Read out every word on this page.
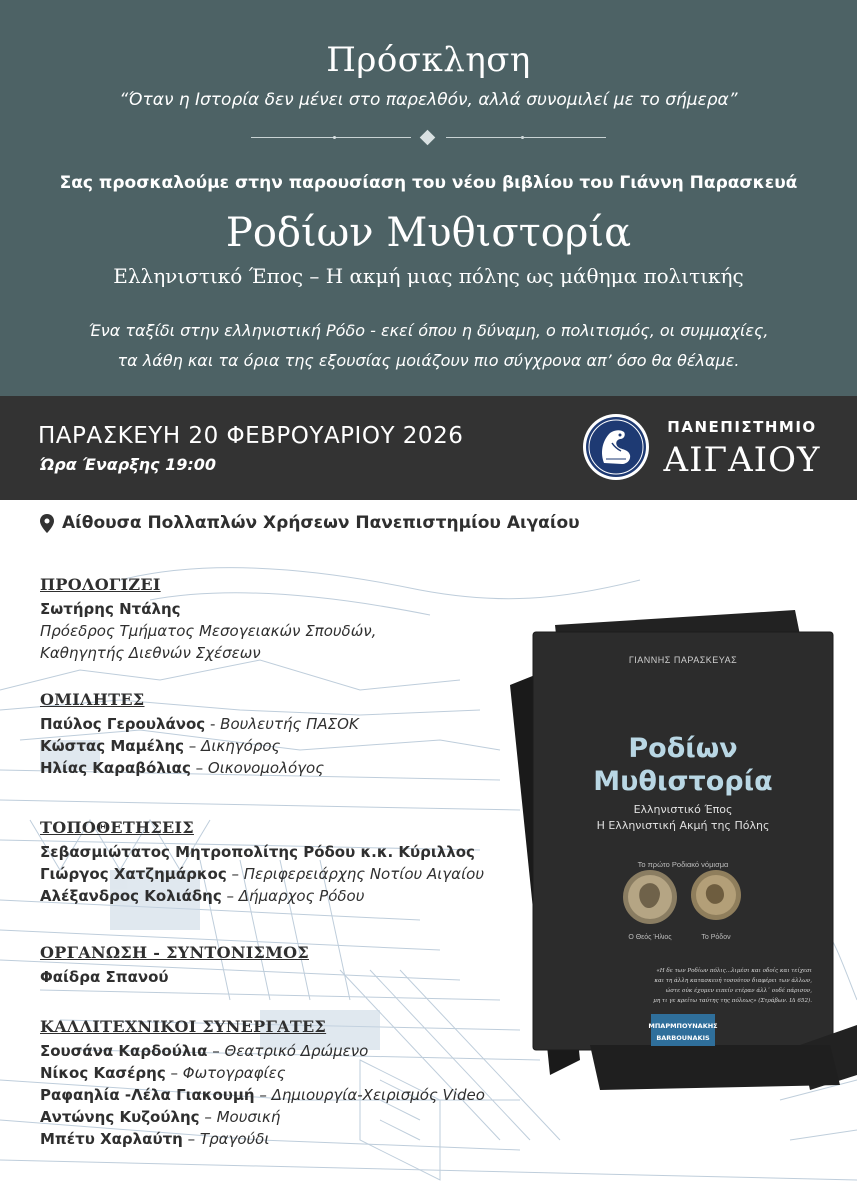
Πρόσκληση
“Όταν η Ιστορία δεν μένει στο παρελθόν, αλλά συνομιλεί με το σήμερα”
Σας προσκαλούμε στην παρουσίαση του νέου βιβλίου του Γιάννη Παρασκευά
Ροδίων Μυθιστορία
Ελληνιστικό Έπος – Η ακμή μιας πόλης ως μάθημα πολιτικής
Ένα ταξίδι στην ελληνιστική Ρόδο - εκεί όπου η δύναμη, ο πολιτισμός, οι συμμαχίες,
τα λάθη και τα όρια της εξουσίας μοιάζουν πιο σύγχρονα απ’ όσο θα θέλαμε.
ΠΑΡΑΣΚΕΥΗ 20 ΦΕΒΡΟΥΑΡΙΟΥ 2026
Ώρα Έναρξης 19:00
ΠΑΝΕΠΙΣΤΗΜΙΟ
ΑΙΓΑΙΟΥ
Αίθουσα Πολλαπλών Χρήσεων Πανεπιστημίου Αιγαίου
ΠΡΟΛΟΓΙΖΕΙ
Σωτήρης Ντάλης
Πρόεδρος Τμήματος Μεσογειακών Σπουδών,
Καθηγητής Διεθνών Σχέσεων
ΟΜΙΛΗΤΕΣ
Παύλος Γερουλάνος - Βουλευτής ΠΑΣΟΚ
Κώστας Μαμέλης – Δικηγόρος
Ηλίας Καραβόλιας – Οικονομολόγος
ΤΟΠΟΘΕΤΗΣΕΙΣ
Σεβασμιώτατος Μητροπολίτης Ρόδου κ.κ. Κύριλλος
Γιώργος Χατζημάρκος – Περιφερειάρχης Νοτίου Αιγαίου
Αλέξανδρος Κολιάδης – Δήμαρχος Ρόδου
ΟΡΓΑΝΩΣΗ - ΣΥΝΤΟΝΙΣΜΟΣ
Φαίδρα Σπανού
ΚΑΛΛΙΤΕΧΝΙΚΟΙ ΣΥΝΕΡΓΑΤΕΣ
Σουσάνα Καρδούλια – Θεατρικό Δρώμενο
Νίκος Κασέρης – Φωτογραφίες
Ραφαηλία -Λέλα Γιακουμή – Δημιουργία-Χειρισμός Video
Αντώνης Κυζούλης – Μουσική
Μπέτυ Χαρλαύτη – Τραγούδι
ΓΙΑΝΝΗΣ ΠΑΡΑΣΚΕΥΑΣ
Ροδίων
Μυθιστορία
Ελληνιστικό Έπος
Η Ελληνιστική Ακμή της Πόλης
Το πρώτο Ροδιακό νόμισμα
Ο Θεός Ήλιος	Το Ρόδον
«Η δε των Ροδίων πόλις...λιμέσι και οδοίς και τείχεσι
και τη άλλη κατασκευή τοσούτον διαφέρει των άλλων,
ώστε ούκ έχομεν ειπείν ετέραν άλλ᾽ ουδέ πάρισον,
μη τι γε κρείτω ταύτης της πόλεως» (Στράβων. ΙΔ 652).
ΜΠΑΡΜΠΟΥΝΑΚΗΣ
BARBOUNAKIS
